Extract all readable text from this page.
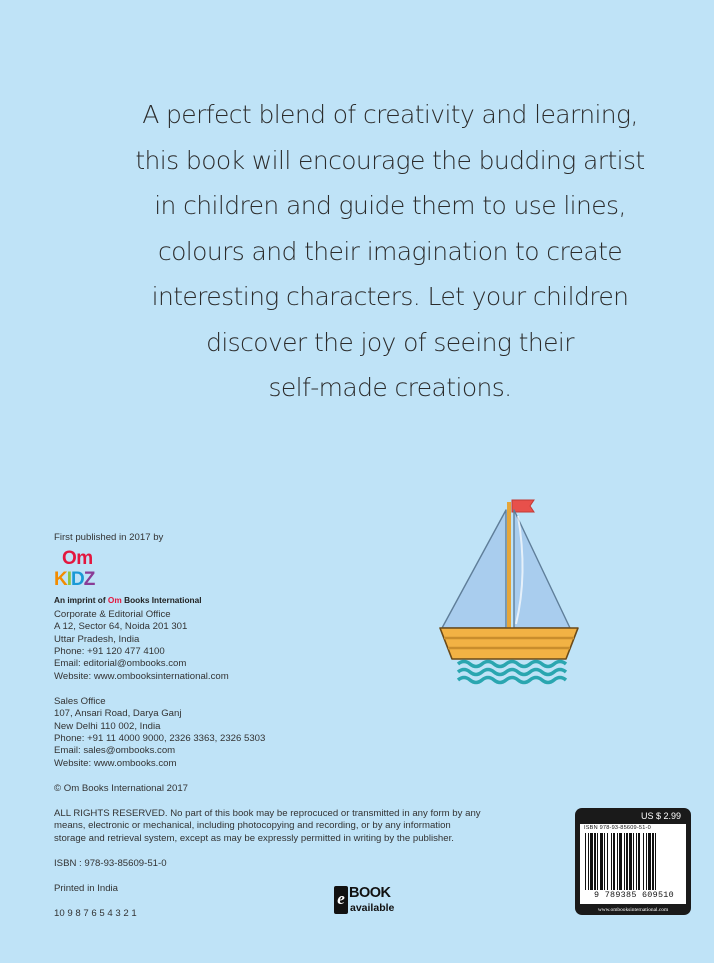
A perfect blend of creativity and learning,
this book will encourage the budding artist
in children and guide them to use lines,
colours and their imagination to create
interesting characters. Let your children
discover the joy of seeing their
self-made creations.
First published in 2017 by
Om
KIDZ
An imprint of Om Books International
Corporate & Editorial Office
A 12, Sector 64, Noida 201 301
Uttar Pradesh, India
Phone: +91 120 477 4100
Email: editorial@ombooks.com
Website: www.ombooksinternational.com
Sales Office
107, Ansari Road, Darya Ganj
New Delhi 110 002, India
Phone: +91 11 4000 9000, 2326 3363, 2326 5303
Email: sales@ombooks.com
Website: www.ombooks.com
© Om Books International 2017
ALL RIGHTS RESERVED. No part of this book may be reprocuced or transmitted in any form by any
means, electronic or mechanical, including photocopying and recording, or by any information
storage and retrieval system, except as may be expressly permitted in writing by the publisher.
ISBN : 978-93-85609-51-0
Printed in India
10 9 8 7 6 5 4 3 2 1
e BOOK
available
US $ 2.99
ISBN 978-93-85609-51-0
9 789385 609510
www.ombooksinternational.com
